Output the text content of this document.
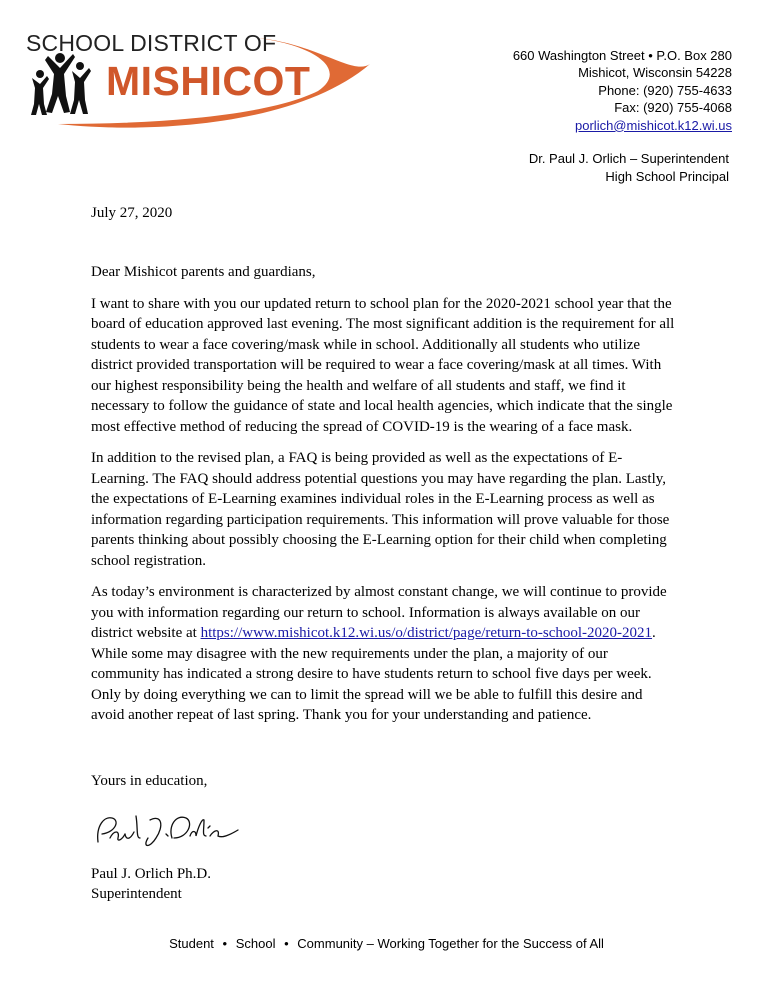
SCHOOL DISTRICT OF
MISHICOT
660 Washington Street • P.O. Box 280
Mishicot, Wisconsin 54228
Phone: (920) 755-4633
Fax: (920) 755-4068
porlich@mishicot.k12.wi.us
Dr. Paul J. Orlich – Superintendent
High School Principal
July 27, 2020

Dear Mishicot parents and guardians,

I want to share with you our updated return to school plan for the 2020-2021 school year that the board of education approved last evening. The most significant addition is the requirement for all students to wear a face covering/mask while in school. Additionally all students who utilize district provided transportation will be required to wear a face covering/mask at all times. With our highest responsibility being the health and welfare of all students and staff, we find it necessary to follow the guidance of state and local health agencies, which indicate that the single most effective method of reducing the spread of COVID-19 is the wearing of a face mask.

In addition to the revised plan, a FAQ is being provided as well as the expectations of E-Learning. The FAQ should address potential questions you may have regarding the plan. Lastly, the expectations of E-Learning examines individual roles in the E-Learning process as well as information regarding participation requirements. This information will prove valuable for those parents thinking about possibly choosing the E-Learning option for their child when completing school registration.

As today’s environment is characterized by almost constant change, we will continue to provide you with information regarding our return to school. Information is always available on our district website at https://www.mishicot.k12.wi.us/o/district/page/return-to-school-2020-2021. While some may disagree with the new requirements under the plan, a majority of our community has indicated a strong desire to have students return to school five days per week. Only by doing everything we can to limit the spread will we be able to fulfill this desire and avoid another repeat of last spring. Thank you for your understanding and patience.

Yours in education,
Paul J. Orlich Ph.D.
Superintendent
Student • School • Community – Working Together for the Success of All
